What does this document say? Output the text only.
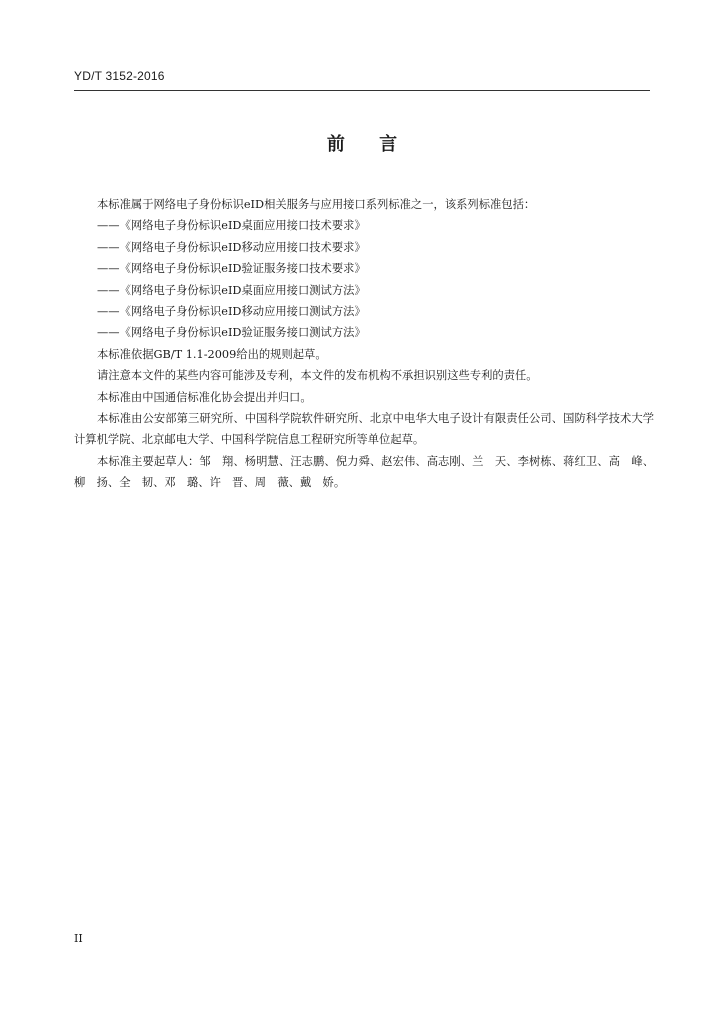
YD/T 3152-2016
前 言

本标准属于网络电子身份标识eID相关服务与应用接口系列标准之一，该系列标准包括：

——《网络电子身份标识eID桌面应用接口技术要求》

——《网络电子身份标识eID移动应用接口技术要求》

——《网络电子身份标识eID验证服务接口技术要求》

——《网络电子身份标识eID桌面应用接口测试方法》

——《网络电子身份标识eID移动应用接口测试方法》

——《网络电子身份标识eID验证服务接口测试方法》

本标准依据GB/T 1.1-2009给出的规则起草。

请注意本文件的某些内容可能涉及专利，本文件的发布机构不承担识别这些专利的责任。

本标准由中国通信标准化协会提出并归口。

本标准由公安部第三研究所、中国科学院软件研究所、北京中电华大电子设计有限责任公司、国防科学技术大学计算机学院、北京邮电大学、中国科学院信息工程研究所等单位起草。

本标准主要起草人：邹　翔、杨明慧、汪志鹏、倪力舜、赵宏伟、高志刚、兰　天、李树栋、蒋红卫、高　峰、柳　扬、全　韧、邓　璐、许　晋、周　薇、戴　娇。

II
